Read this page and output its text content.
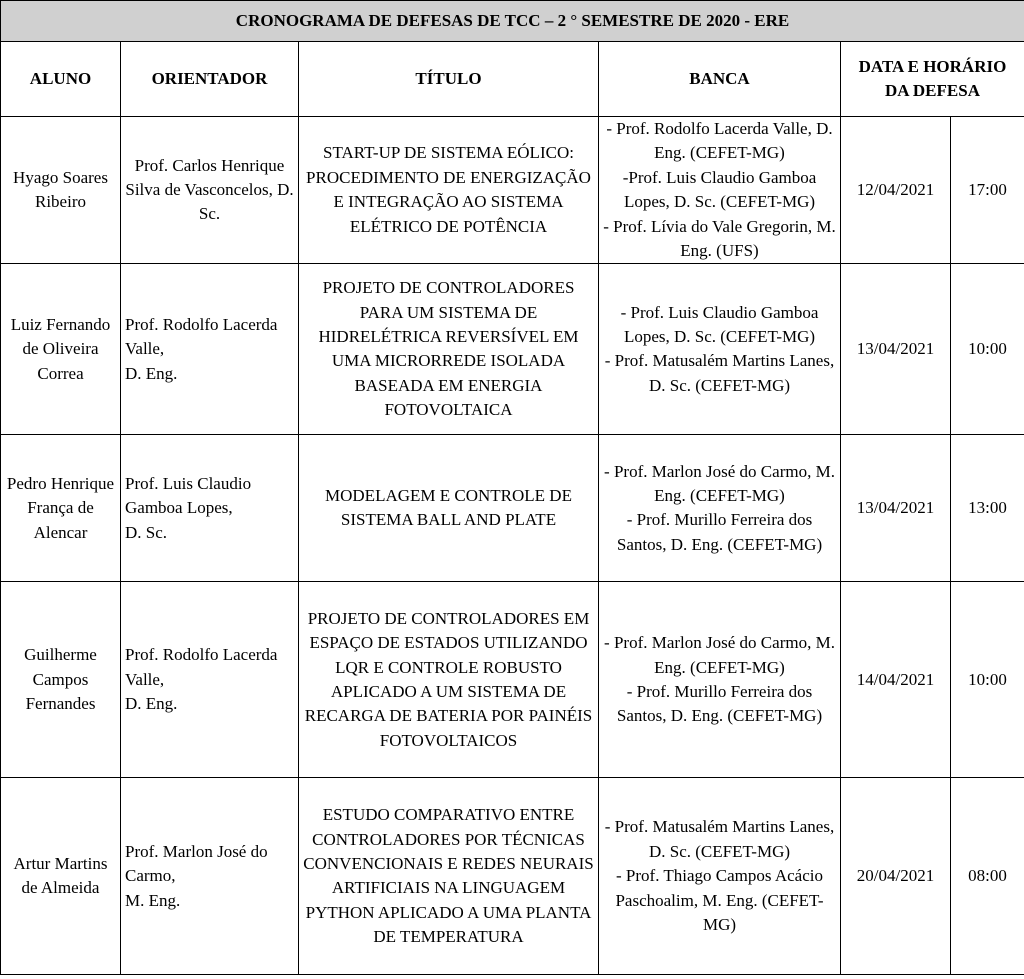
CRONOGRAMA DE DEFESAS DE TCC – 2 ° SEMESTRE DE 2020 - ERE					
ALUNO	ORIENTADOR	TÍTULO	BANCA	DATA E HORÁRIO DA DEFESA	
Hyago Soares Ribeiro	Prof. Carlos Henrique Silva de Vasconcelos, D. Sc.	START-UP DE SISTEMA EÓLICO: PROCEDIMENTO DE ENERGIZAÇÃO E INTEGRAÇÃO AO SISTEMA ELÉTRICO DE POTÊNCIA	- Prof. Rodolfo Lacerda Valle, D. Eng. (CEFET-MG)
-Prof. Luis Claudio Gamboa Lopes, D. Sc. (CEFET-MG)
- Prof. Lívia do Vale Gregorin, M. Eng. (UFS)	12/04/2021	17:00
Luiz Fernando de Oliveira Correa	Prof. Rodolfo Lacerda Valle,
D. Eng.	PROJETO DE CONTROLADORES PARA UM SISTEMA DE HIDRELÉTRICA REVERSÍVEL EM UMA MICRORREDE ISOLADA BASEADA EM ENERGIA FOTOVOLTAICA	- Prof. Luis Claudio Gamboa Lopes, D. Sc. (CEFET-MG)
- Prof. Matusalém Martins Lanes, D. Sc. (CEFET-MG)	13/04/2021	10:00
Pedro Henrique França de Alencar	Prof. Luis Claudio Gamboa Lopes,
D. Sc.	MODELAGEM E CONTROLE DE SISTEMA BALL AND PLATE	- Prof. Marlon José do Carmo, M. Eng. (CEFET-MG)
- Prof. Murillo Ferreira dos Santos, D. Eng. (CEFET-MG)	13/04/2021	13:00
Guilherme Campos Fernandes	Prof. Rodolfo Lacerda Valle,
D. Eng.	PROJETO DE CONTROLADORES EM ESPAÇO DE ESTADOS UTILIZANDO LQR E CONTROLE ROBUSTO APLICADO A UM SISTEMA DE RECARGA DE BATERIA POR PAINÉIS FOTOVOLTAICOS	- Prof. Marlon José do Carmo, M. Eng. (CEFET-MG)
- Prof. Murillo Ferreira dos Santos, D. Eng. (CEFET-MG)	14/04/2021	10:00
Artur Martins de Almeida	Prof. Marlon José do Carmo,
M. Eng.	ESTUDO COMPARATIVO ENTRE CONTROLADORES POR TÉCNICAS CONVENCIONAIS E REDES NEURAIS ARTIFICIAIS NA LINGUAGEM PYTHON APLICADO A UMA PLANTA DE TEMPERATURA	- Prof. Matusalém Martins Lanes, D. Sc. (CEFET-MG)
- Prof. Thiago Campos Acácio
Paschoalim, M. Eng. (CEFET-MG)	20/04/2021	08:00
